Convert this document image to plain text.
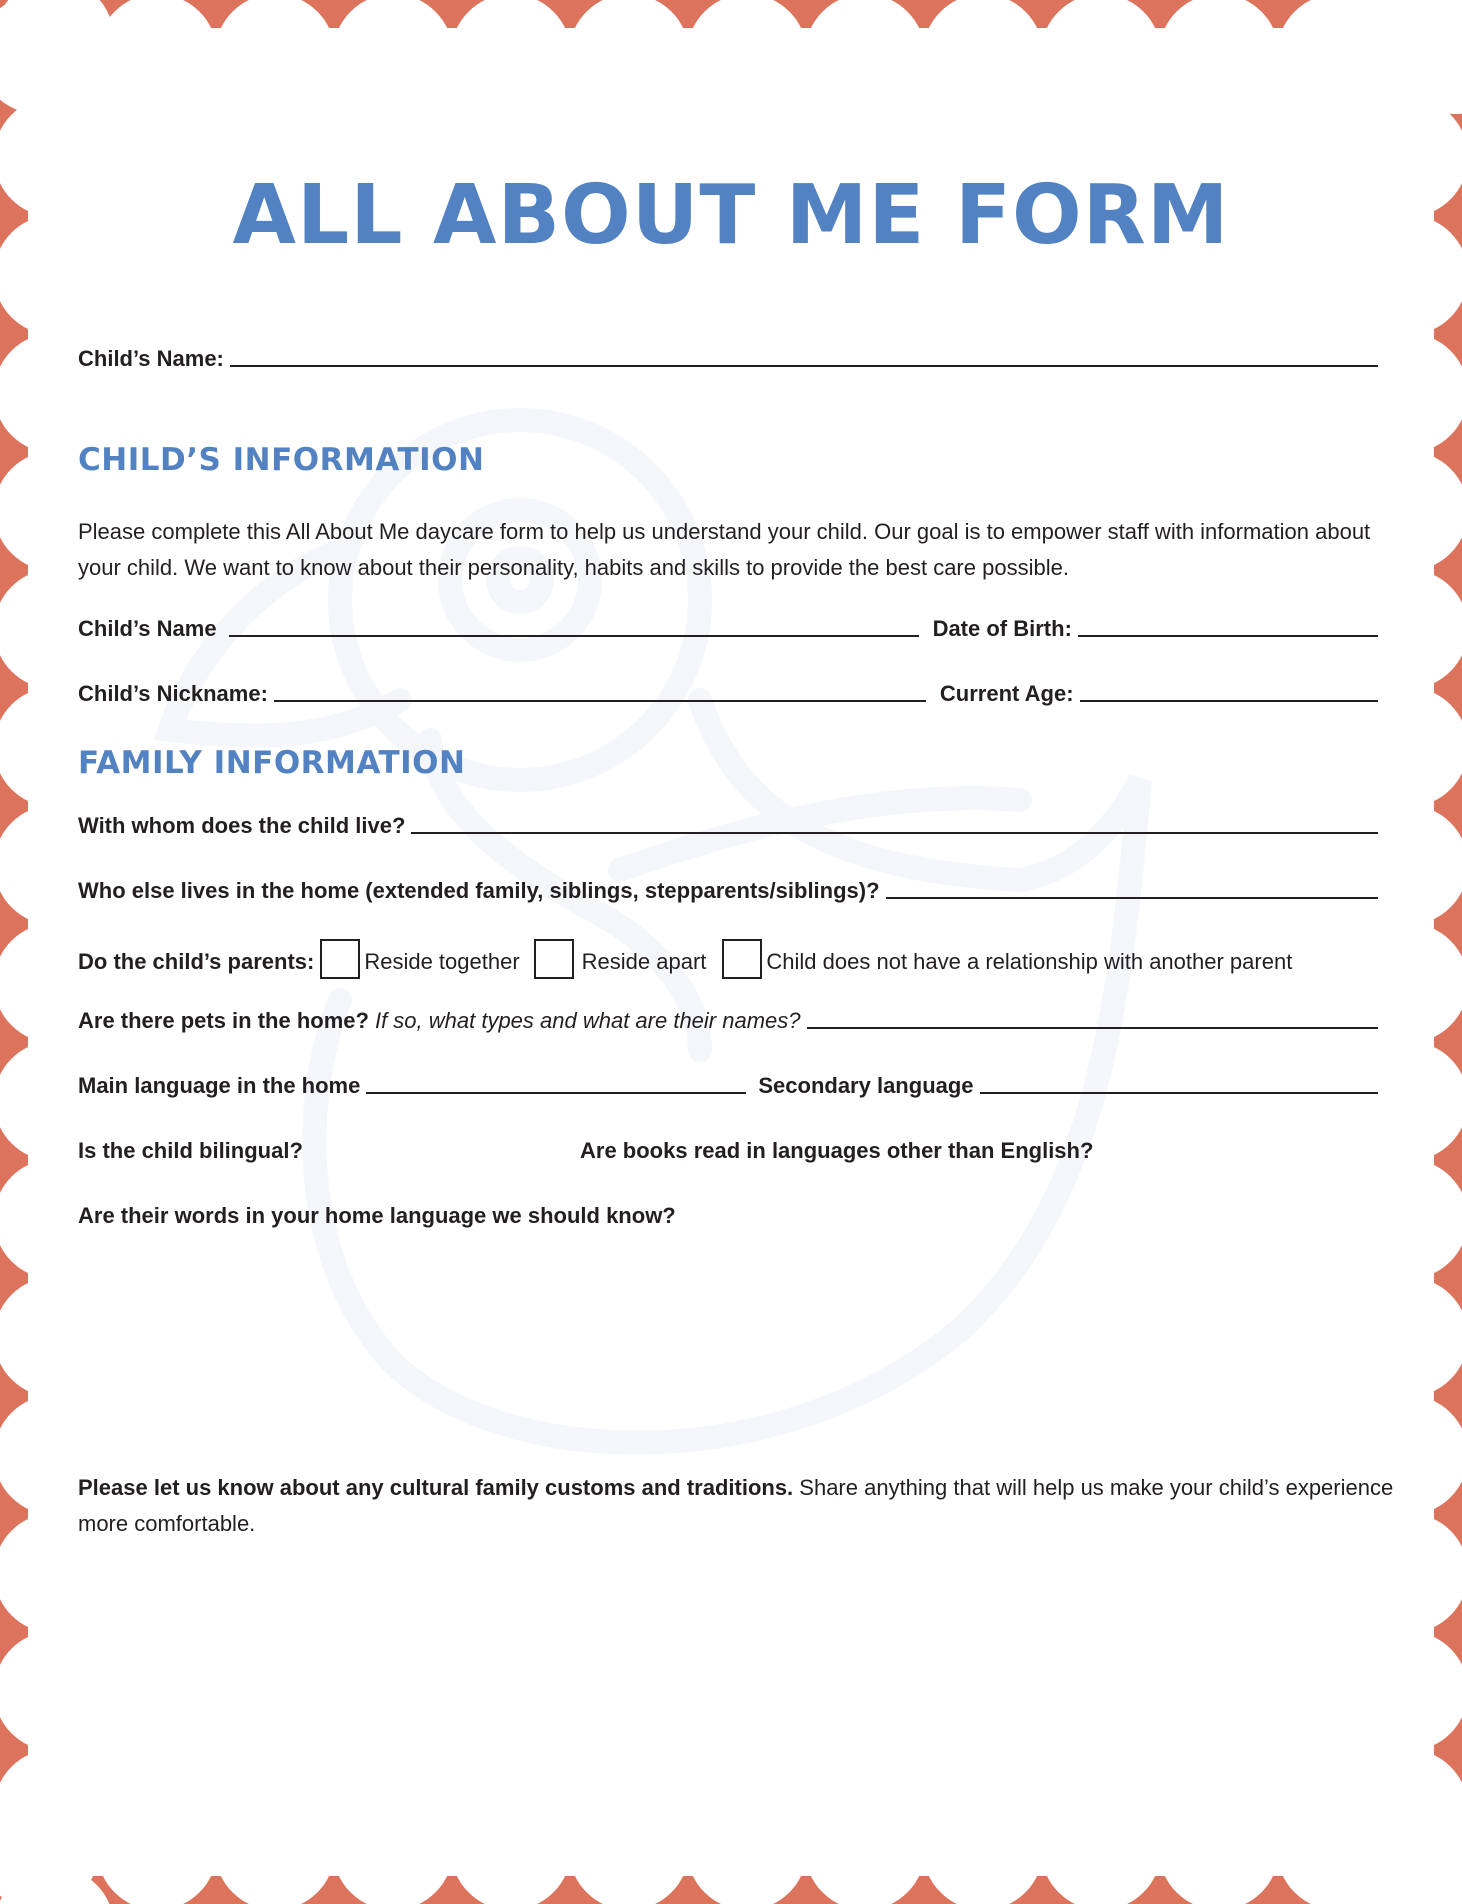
ALL ABOUT ME FORM
Child’s Name:
CHILD’S INFORMATION
Please complete this All About Me daycare form to help us understand your child. Our goal is to empower staff with information about your child. We want to know about their personality, habits and skills to provide the best care possible.
Child’s Name	Date of Birth:
Child’s Nickname:	Current Age:
FAMILY INFORMATION
With whom does the child live?
Who else lives in the home (extended family, siblings, stepparents/siblings)?
Do the child’s parents: Reside together	Reside apart	Child does not have a relationship with another parent
Are there pets in the home? If so, what types and what are their names?
Main language in the home	Secondary language
Is the child bilingual?	Are books read in languages other than English?
Are their words in your home language we should know?
Please let us know about any cultural family customs and traditions. Share anything that will help us make your child’s experience more comfortable.
